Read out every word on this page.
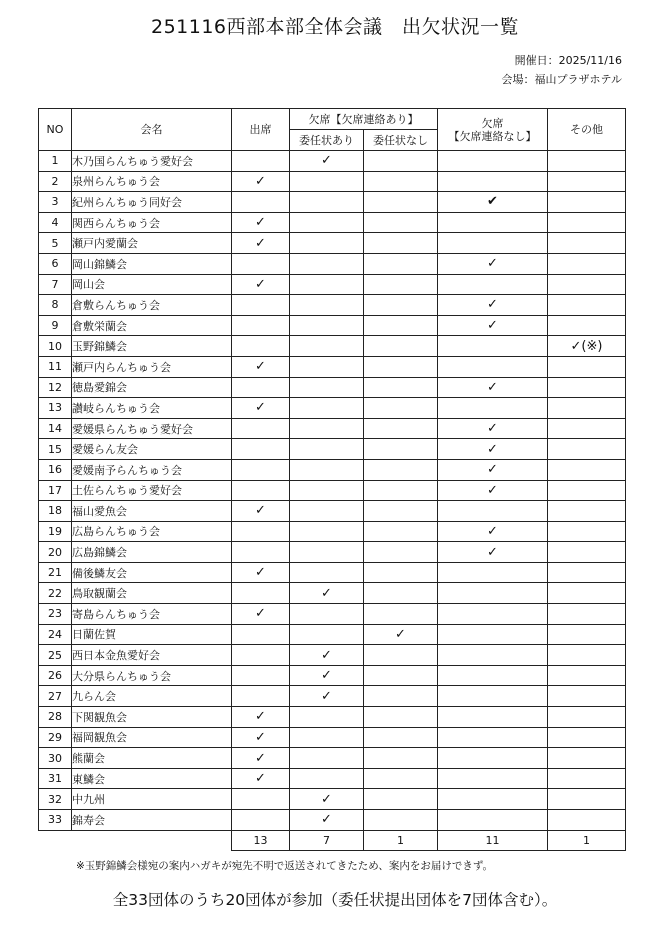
251116西部本部全体会議　出欠状況一覧
開催日：2025/11/16
会場：福山プラザホテル
NO	会名	出席	欠席【欠席連絡あり】		欠席
【欠席連絡なし】	その他
			委任状あり	委任状なし		
1	木乃国らんちゅう愛好会		✓			
2	泉州らんちゅう会	✓				
3	紀州らんちゅう同好会				✔	
4	関西らんちゅう会	✓				
5	瀬戸内愛蘭会	✓				
6	岡山錦鱗会				✓	
7	岡山会	✓				
8	倉敷らんちゅう会				✓	
9	倉敷栄蘭会				✓	
10	玉野錦鱗会					✓(※)
11	瀬戸内らんちゅう会	✓				
12	徳島愛錦会				✓	
13	讃岐らんちゅう会	✓				
14	愛媛県らんちゅう愛好会				✓	
15	愛媛らん友会				✓	
16	愛媛南予らんちゅう会				✓	
17	土佐らんちゅう愛好会				✓	
18	福山愛魚会	✓				
19	広島らんちゅう会				✓	
20	広島錦鱗会				✓	
21	備後鱗友会	✓				
22	鳥取観蘭会		✓			
23	寄島らんちゅう会	✓				
24	日蘭佐賀			✓		
25	西日本金魚愛好会		✓			
26	大分県らんちゅう会		✓			
27	九らん会		✓			
28	下関観魚会	✓				
29	福岡観魚会	✓				
30	熊蘭会	✓				
31	東鱗会	✓				
32	中九州		✓			
33	錦寿会		✓			
		13	7	1	11	1
※玉野錦鱗会様宛の案内ハガキが宛先不明で返送されてきたため、案内をお届けできず。
全33団体のうち20団体が参加（委任状提出団体を7団体含む）。
